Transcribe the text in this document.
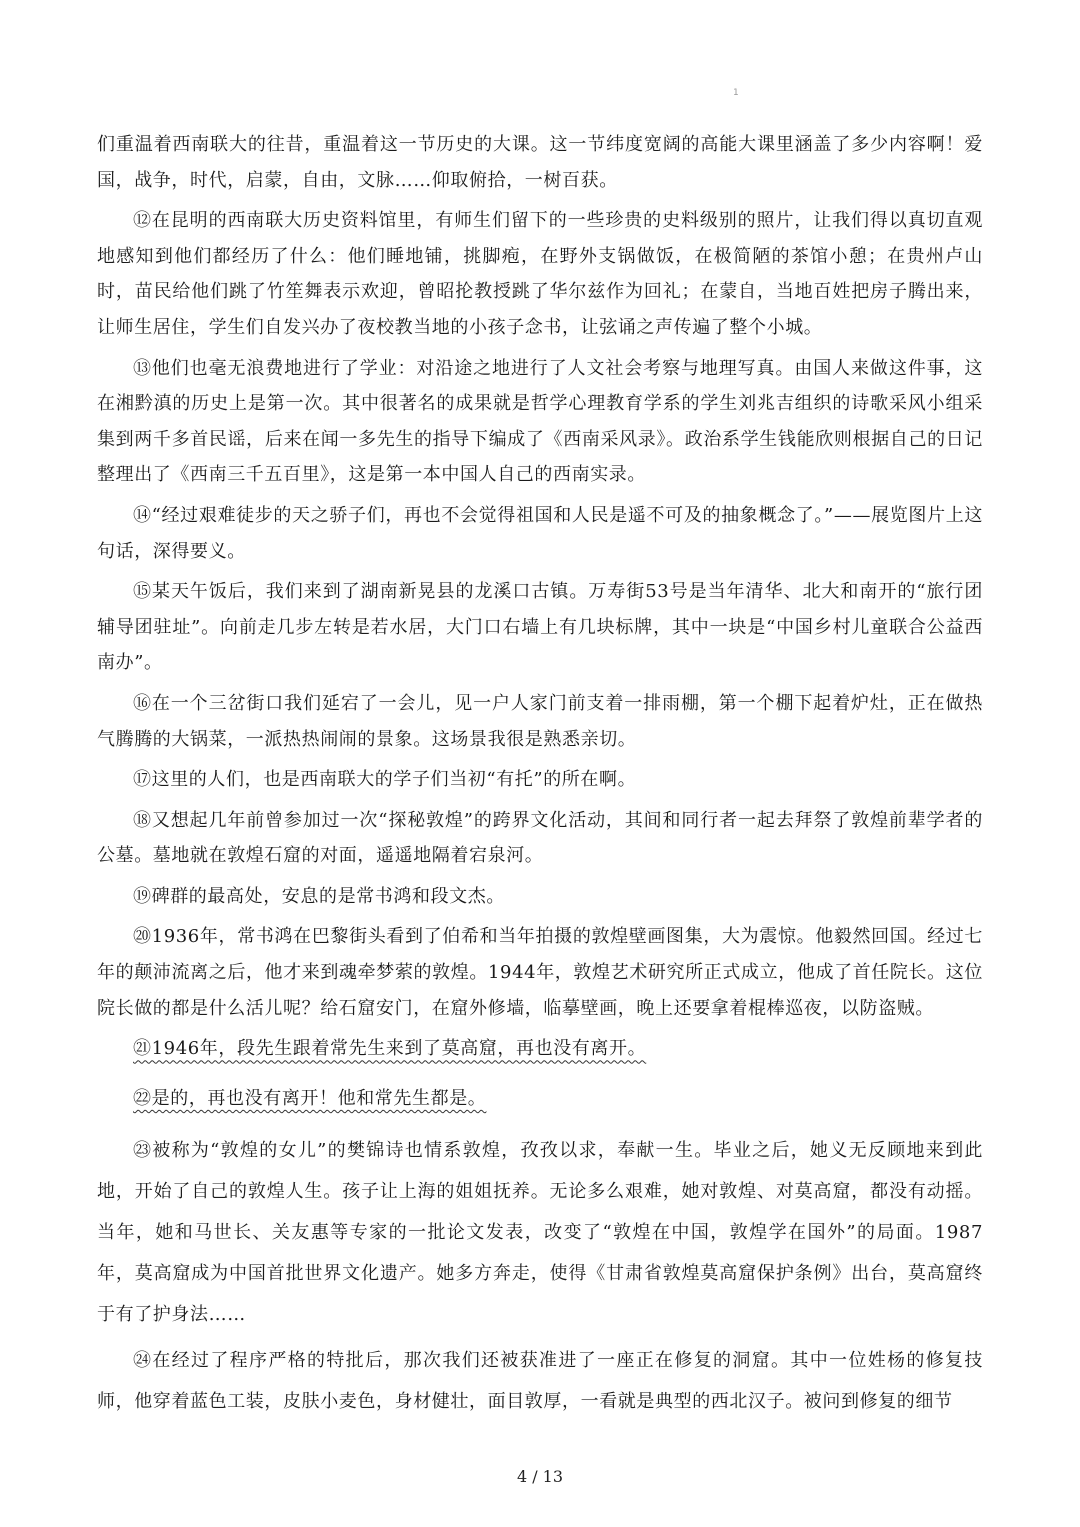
1

们重温着西南联大的往昔，重温着这一节历史的大课。这一节纬度宽阔的高能大课里涵盖了多少内容啊！爱国，战争，时代，启蒙，自由，文脉……仰取俯拾，一树百获。

⑫在昆明的西南联大历史资料馆里，有师生们留下的一些珍贵的史料级别的照片，让我们得以真切直观地感知到他们都经历了什么：他们睡地铺，挑脚疱，在野外支锅做饭，在极简陋的茶馆小憩；在贵州卢山时，苗民给他们跳了竹笙舞表示欢迎，曾昭抡教授跳了华尔兹作为回礼；在蒙自，当地百姓把房子腾出来，让师生居住，学生们自发兴办了夜校教当地的小孩子念书，让弦诵之声传遍了整个小城。

⑬他们也毫无浪费地进行了学业：对沿途之地进行了人文社会考察与地理写真。由国人来做这件事，这在湘黔滇的历史上是第一次。其中很著名的成果就是哲学心理教育学系的学生刘兆吉组织的诗歌采风小组采集到两千多首民谣，后来在闻一多先生的指导下编成了《西南采风录》。政治系学生钱能欣则根据自己的日记整理出了《西南三千五百里》，这是第一本中国人自己的西南实录。

⑭“经过艰难徒步的天之骄子们，再也不会觉得祖国和人民是遥不可及的抽象概念了。”——展览图片上这句话，深得要义。

⑮某天午饭后，我们来到了湖南新晃县的龙溪口古镇。万寿街53号是当年清华、北大和南开的“旅行团辅导团驻址”。向前走几步左转是若水居，大门口右墙上有几块标牌，其中一块是“中国乡村儿童联合公益西南办”。

⑯在一个三岔街口我们延宕了一会儿，见一户人家门前支着一排雨棚，第一个棚下起着炉灶，正在做热气腾腾的大锅菜，一派热热闹闹的景象。这场景我很是熟悉亲切。

⑰这里的人们，也是西南联大的学子们当初“有托”的所在啊。

⑱又想起几年前曾参加过一次“探秘敦煌”的跨界文化活动，其间和同行者一起去拜祭了敦煌前辈学者的公墓。墓地就在敦煌石窟的对面，遥遥地隔着宕泉河。

⑲碑群的最高处，安息的是常书鸿和段文杰。

⑳1936年，常书鸿在巴黎街头看到了伯希和当年拍摄的敦煌壁画图集，大为震惊。他毅然回国。经过七年的颠沛流离之后，他才来到魂牵梦萦的敦煌。1944年，敦煌艺术研究所正式成立，他成了首任院长。这位院长做的都是什么活儿呢？给石窟安门，在窟外修墙，临摹壁画，晚上还要拿着棍棒巡夜，以防盗贼。

㉑1946年，段先生跟着常先生来到了莫高窟，再也没有离开。

㉒是的，再也没有离开！他和常先生都是。

㉓被称为“敦煌的女儿”的樊锦诗也情系敦煌，孜孜以求，奉献一生。毕业之后，她义无反顾地来到此地，开始了自己的敦煌人生。孩子让上海的姐姐抚养。无论多么艰难，她对敦煌、对莫高窟，都没有动摇。当年，她和马世长、关友惠等专家的一批论文发表，改变了“敦煌在中国，敦煌学在国外”的局面。1987年，莫高窟成为中国首批世界文化遗产。她多方奔走，使得《甘肃省敦煌莫高窟保护条例》出台，莫高窟终于有了护身法……

㉔在经过了程序严格的特批后，那次我们还被获准进了一座正在修复的洞窟。其中一位姓杨的修复技师，他穿着蓝色工装，皮肤小麦色，身材健壮，面目敦厚，一看就是典型的西北汉子。被问到修复的细节

4 / 13
